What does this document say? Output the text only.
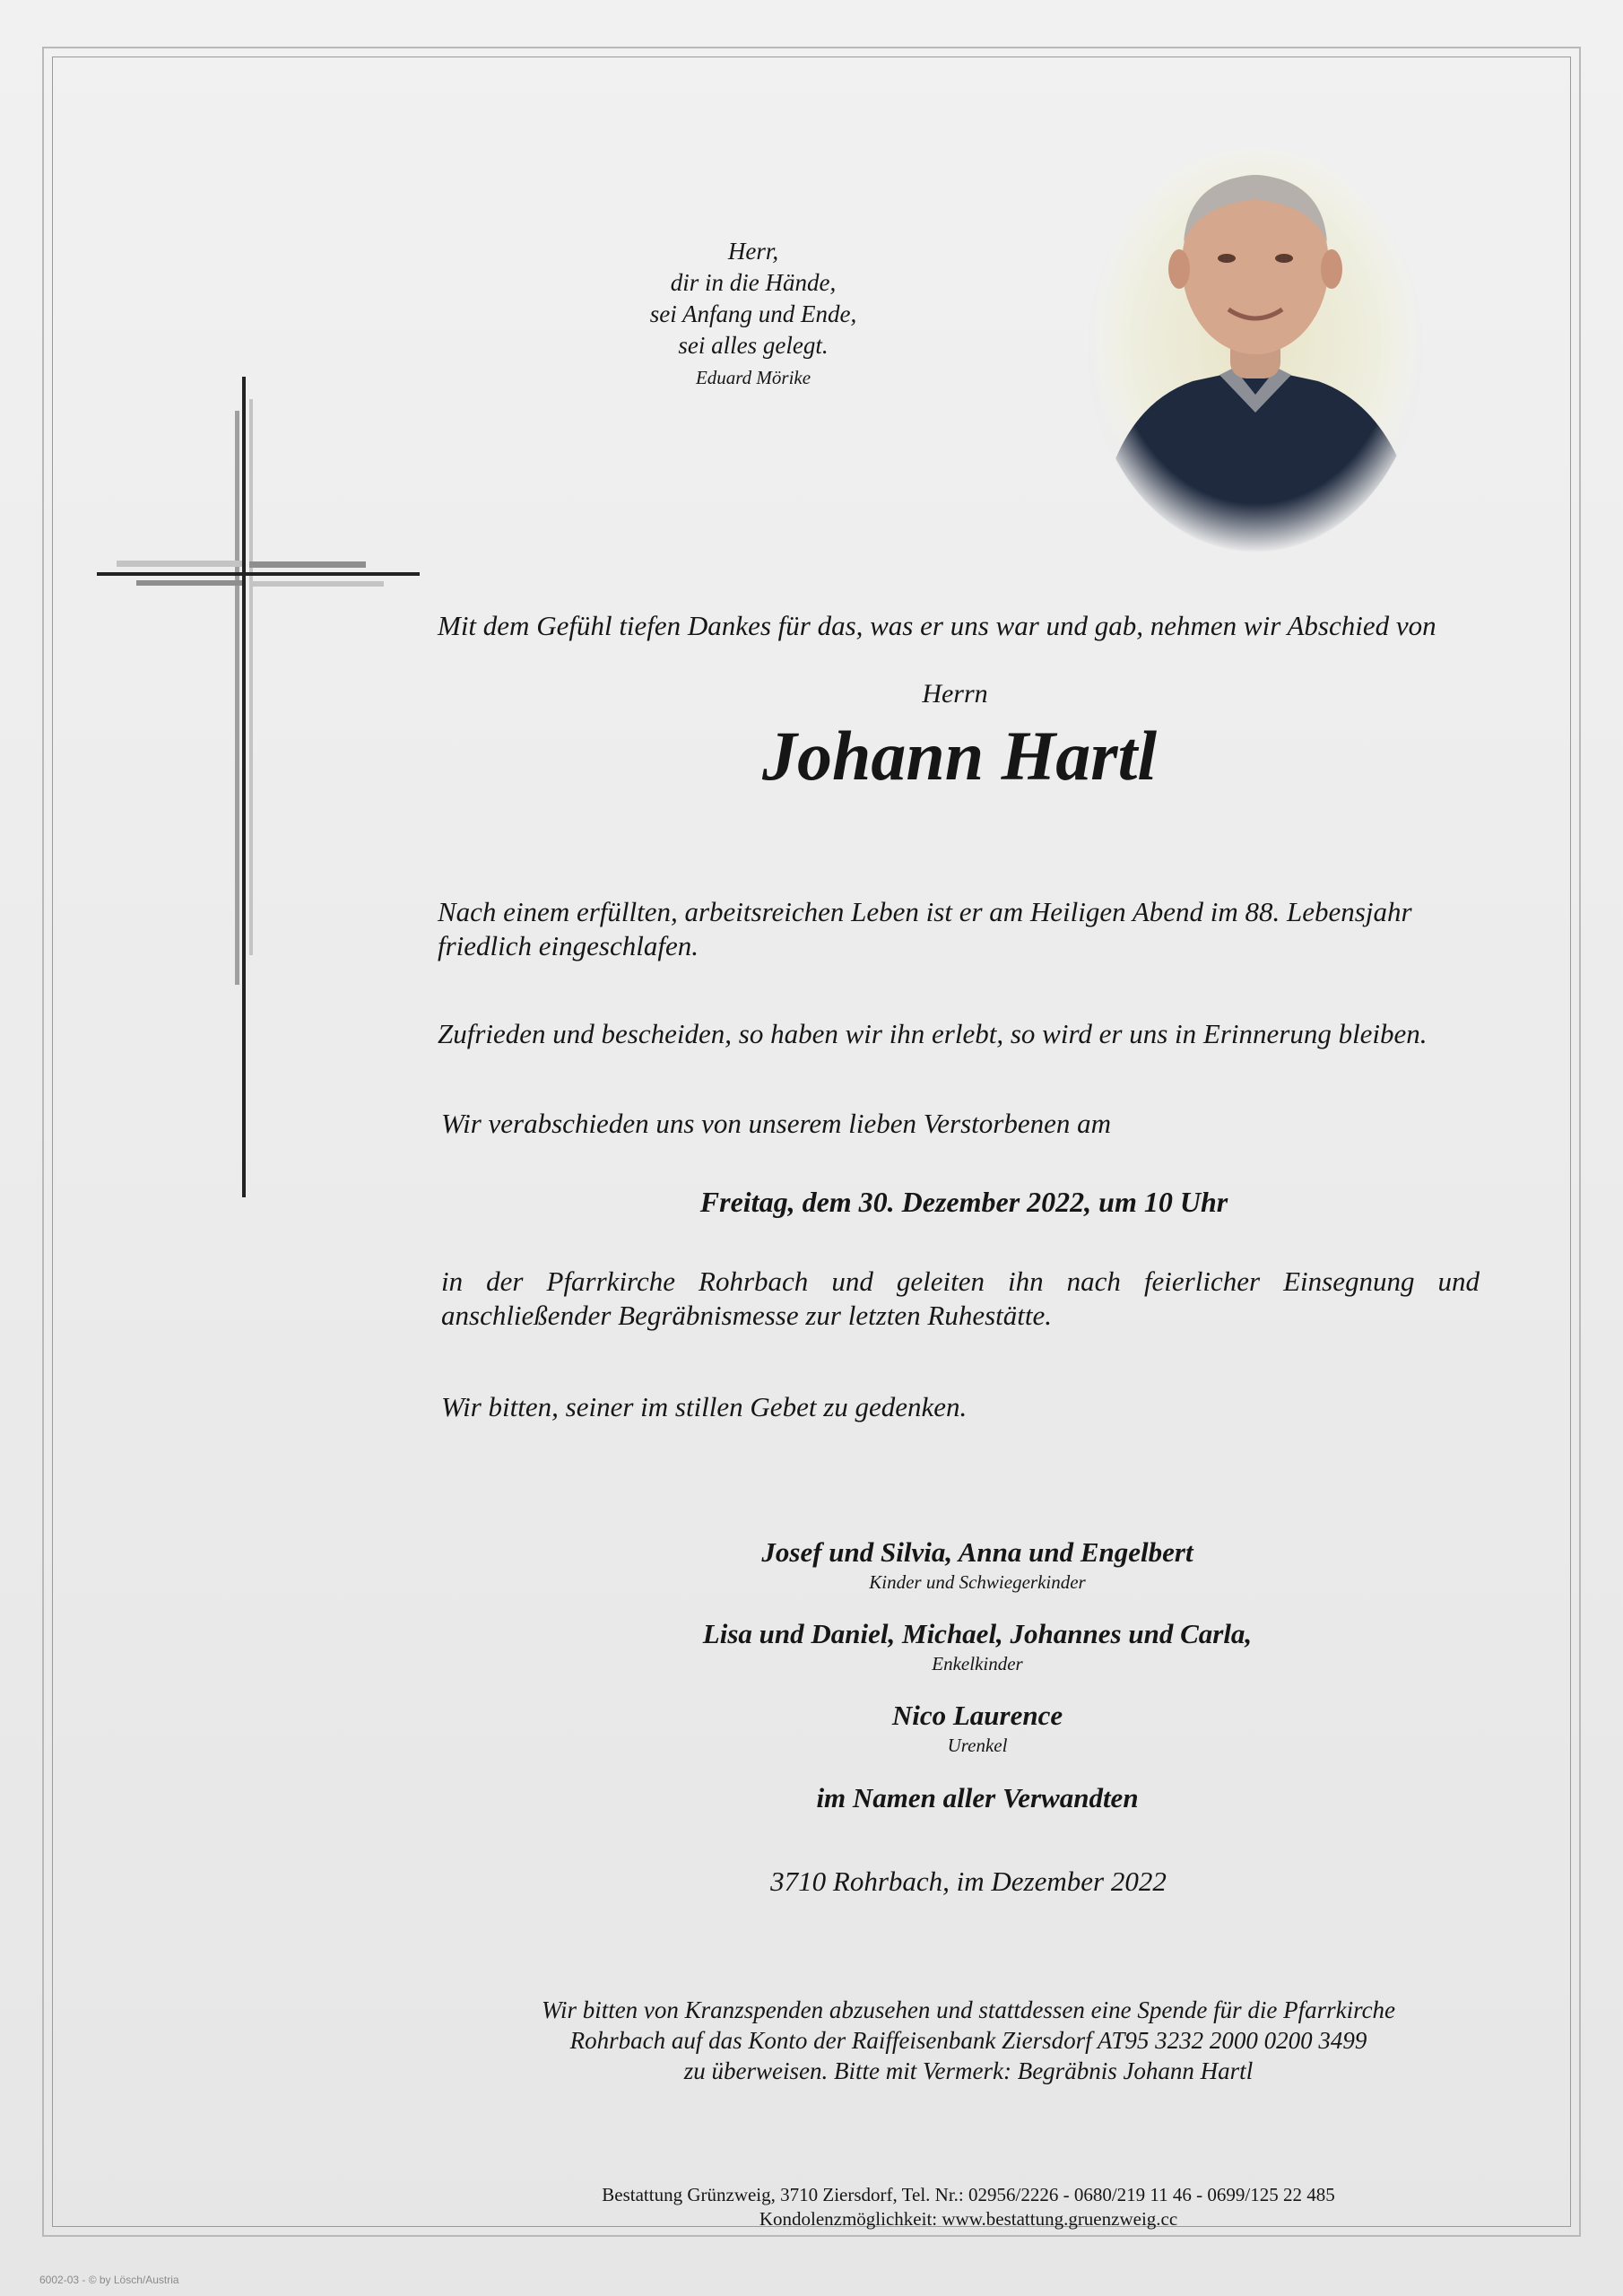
Herr,
dir in die Hände,
sei Anfang und Ende,
sei alles gelegt.
Eduard Mörike

Mit dem Gefühl tiefen Dankes für das, was er uns war und gab, nehmen wir Abschied von

Herrn

Johann Hartl

Nach einem erfüllten, arbeitsreichen Leben ist er am Heiligen Abend im 88. Lebensjahr friedlich eingeschlafen.

Zufrieden und bescheiden, so haben wir ihn erlebt, so wird er uns in Erinnerung bleiben.

Wir verabschieden uns von unserem lieben Verstorbenen am

Freitag, dem 30. Dezember 2022, um 10 Uhr

in der Pfarrkirche Rohrbach und geleiten ihn nach feierlicher Einsegnung und anschließender Begräbnismesse zur letzten Ruhestätte.

Wir bitten, seiner im stillen Gebet zu gedenken.

Josef und Silvia, Anna und Engelbert

Kinder und Schwiegerkinder

Lisa und Daniel, Michael, Johannes und Carla,

Enkelkinder

Nico Laurence

Urenkel

im Namen aller Verwandten

3710 Rohrbach, im Dezember 2022

Wir bitten von Kranzspenden abzusehen und stattdessen eine Spende für die Pfarrkirche
Rohrbach auf das Konto der Raiffeisenbank Ziersdorf AT95 3232 2000 0200 3499
zu überweisen. Bitte mit Vermerk: Begräbnis Johann Hartl
Bestattung Grünzweig, 3710 Ziersdorf, Tel. Nr.: 02956/2226 - 0680/219 11 46 - 0699/125 22 485
Kondolenzmöglichkeit: www.bestattung.gruenzweig.cc
6002-03 - © by Lösch/Austria
